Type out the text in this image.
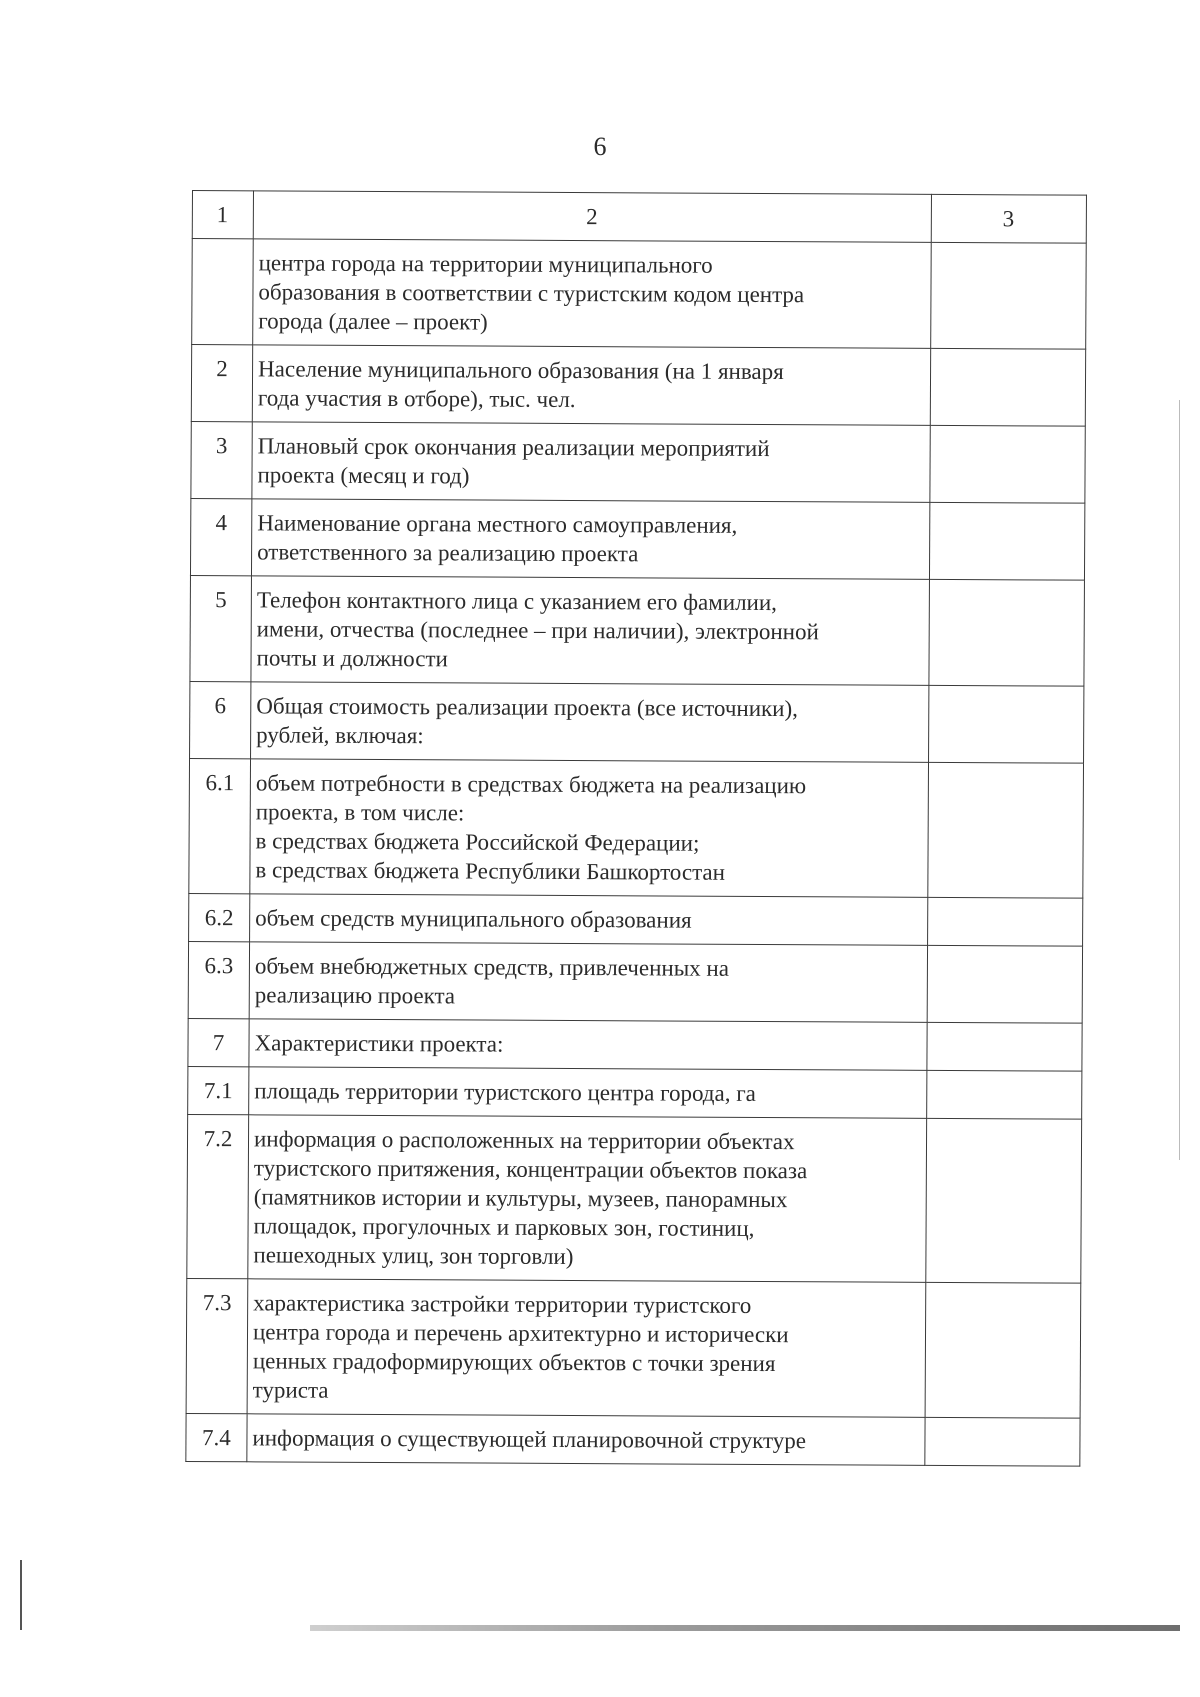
6
1	2	3
	центра города на территории муниципального
образования в соответствии с туристским кодом центра
города (далее – проект)	
2	Население муниципального образования (на 1 января
года участия в отборе), тыс. чел.	
3	Плановый срок окончания реализации мероприятий
проекта (месяц и год)	
4	Наименование органа местного самоуправления,
ответственного за реализацию проекта	
5	Телефон контактного лица с указанием его фамилии,
имени, отчества (последнее – при наличии), электронной
почты и должности	
6	Общая стоимость реализации проекта (все источники),
рублей, включая:	
6.1	объем потребности в средствах бюджета на реализацию
проекта, в том числе:
в средствах бюджета Российской Федерации;
в средствах бюджета Республики Башкортостан	
6.2	объем средств муниципального образования	
6.3	объем внебюджетных средств, привлеченных на
реализацию проекта	
7	Характеристики проекта:	
7.1	площадь территории туристского центра города, га	
7.2	информация о расположенных на территории объектах
туристского притяжения, концентрации объектов показа
(памятников истории и культуры, музеев, панорамных
площадок, прогулочных и парковых зон, гостиниц,
пешеходных улиц, зон торговли)	
7.3	характеристика застройки территории туристского
центра города и перечень архитектурно и исторически
ценных градоформирующих объектов с точки зрения
туриста	
7.4	информация о существующей планировочной структуре	
